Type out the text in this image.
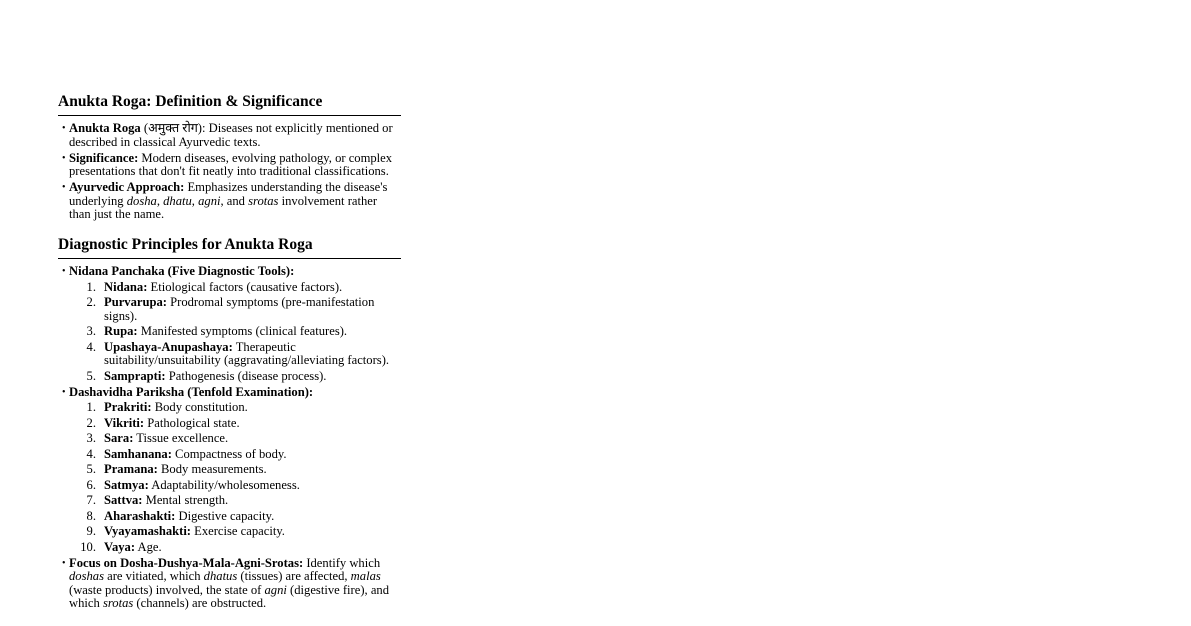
Anukta Roga: Definition & Significance
• Anukta Roga (अमुक्त रोग): Diseases not explicitly mentioned or described in classical Ayurvedic texts.
• Significance: Modern diseases, evolving pathology, or complex presentations that don't fit neatly into traditional classifications.
• Ayurvedic Approach: Emphasizes understanding the disease's underlying dosha, dhatu, agni, and srotas involvement rather than just the name.
Diagnostic Principles for Anukta Roga
• Nidana Panchaka (Five Diagnostic Tools):
1. Nidana: Etiological factors (causative factors).
2. Purvarupa: Prodromal symptoms (pre-manifestation signs).
3. Rupa: Manifested symptoms (clinical features).
4. Upashaya-Anupashaya: Therapeutic suitability/unsuitability (aggravating/alleviating factors).
5. Samprapti: Pathogenesis (disease process).
• Dashavidha Pariksha (Tenfold Examination):
1. Prakriti: Body constitution.
2. Vikriti: Pathological state.
3. Sara: Tissue excellence.
4. Samhanana: Compactness of body.
5. Pramana: Body measurements.
6. Satmya: Adaptability/wholesomeness.
7. Sattva: Mental strength.
8. Aharashakti: Digestive capacity.
9. Vyayamashakti: Exercise capacity.
10. Vaya: Age.
• Focus on Dosha-Dushya-Mala-Agni-Srotas: Identify which doshas are vitiated, which dhatus (tissues) are affected, malas (waste products) involved, the state of agni (digestive fire), and which srotas (channels) are obstructed.
